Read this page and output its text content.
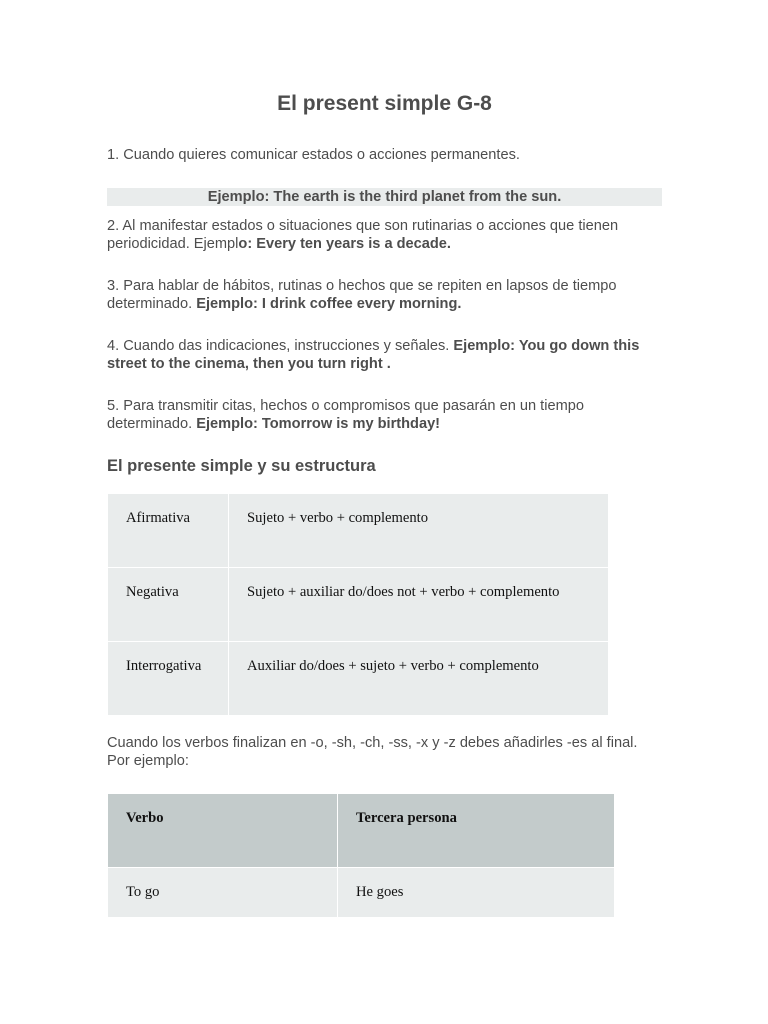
El present simple G-8

1. Cuando quieres comunicar estados o acciones permanentes.

Ejemplo: The earth is the third planet from the sun.

2. Al manifestar estados o situaciones que son rutinarias o acciones que tienen periodicidad. Ejemplo: Every ten years is a decade.

3. Para hablar de hábitos, rutinas o hechos que se repiten en lapsos de tiempo determinado. Ejemplo: I drink coffee every morning.

4. Cuando das indicaciones, instrucciones y señales. Ejemplo: You go down this street to the cinema, then you turn right .

5. Para transmitir citas, hechos o compromisos que pasarán en un tiempo determinado. Ejemplo: Tomorrow is my birthday!

El presente simple y su estructura
Afirmativa	Sujeto + verbo + complemento
Negativa	Sujeto + auxiliar do/does not + verbo + complemento
Interrogativa	Auxiliar do/does + sujeto + verbo + complemento

Cuando los verbos finalizan en -o, -sh, -ch, -ss, -x y -z debes añadirles -es al final. Por ejemplo:

Verbo	Tercera persona
To go	He goes
